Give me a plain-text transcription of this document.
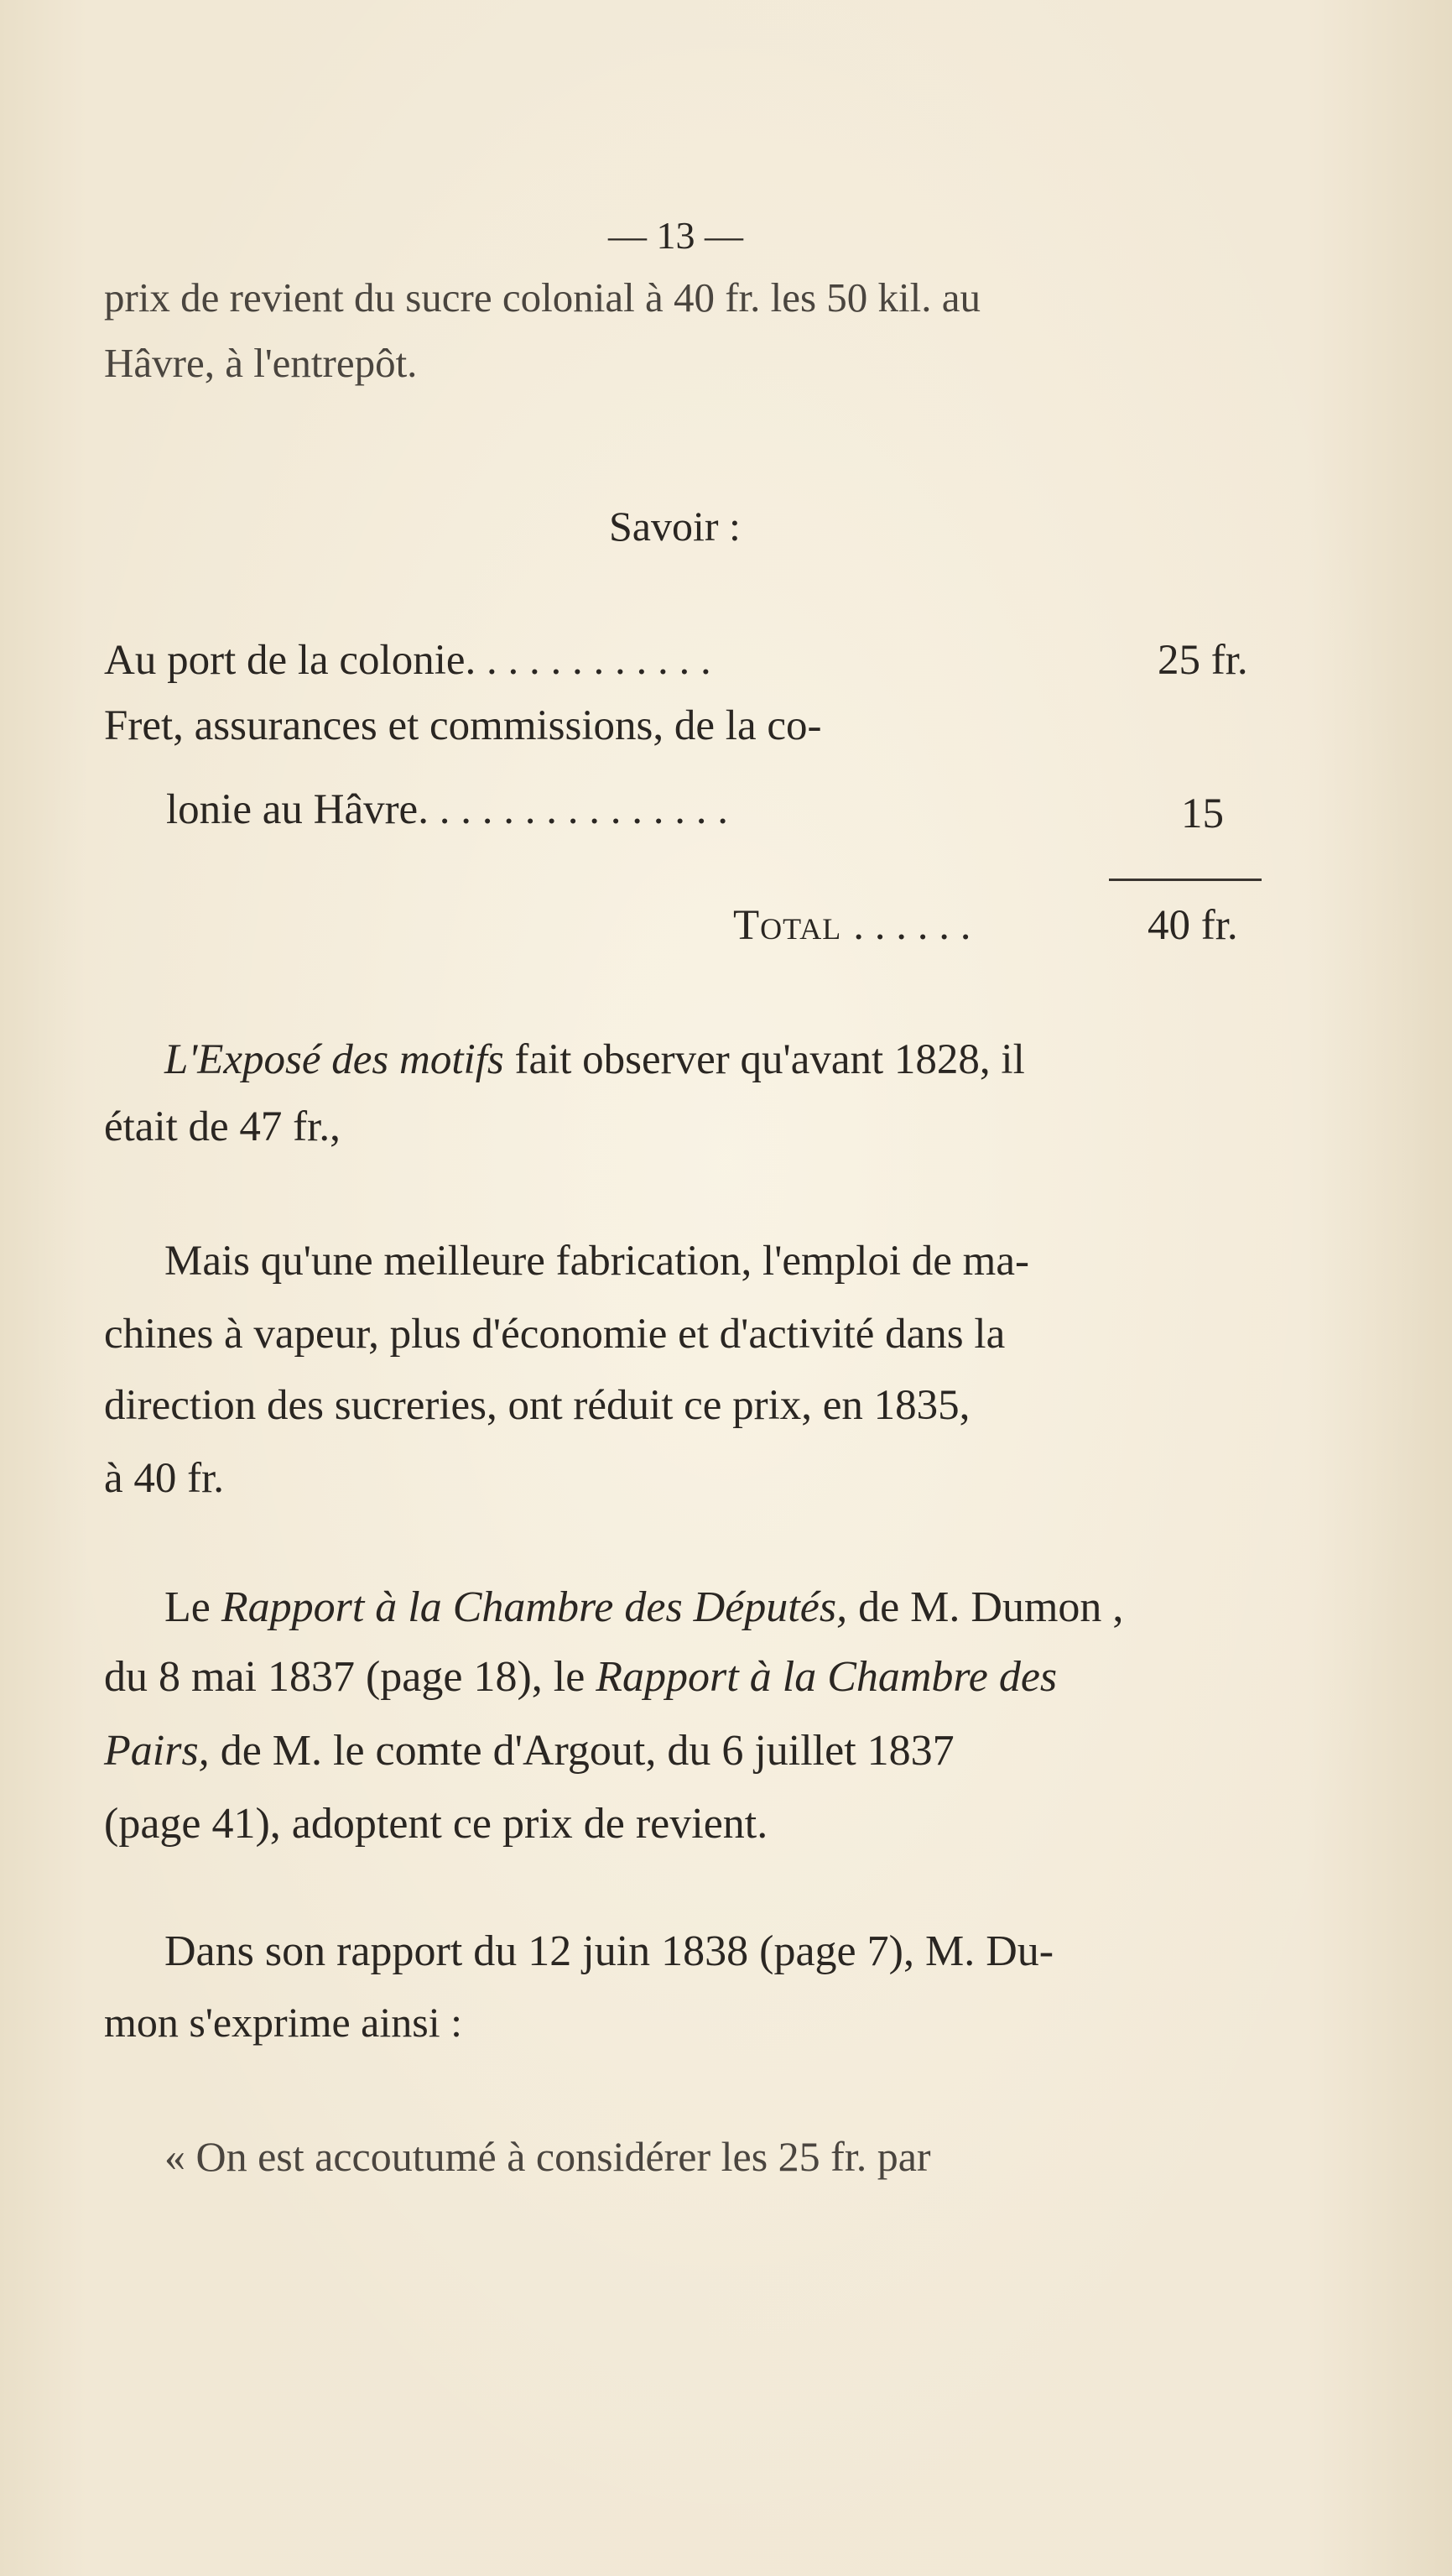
— 13 —
prix de revient du sucre colonial à 40 fr. les 50 kil. au
Hâvre, à l'entrepôt.
Savoir :
Au port de la colonie. . . . . . . . . . . .	25 fr.
Fret, assurances et commissions, de la co-
lonie au Hâvre. . . . . . . . . . . . . . .	15
Total . . . . . .	40 fr.
L'Exposé des motifs fait observer qu'avant 1828, il
était de 47 fr.,
Mais qu'une meilleure fabrication, l'emploi de ma-
chines à vapeur, plus d'économie et d'activité dans la
direction des sucreries, ont réduit ce prix, en 1835,
à 40 fr.
Le Rapport à la Chambre des Députés, de M. Dumon ,
du 8 mai 1837 (page 18), le Rapport à la Chambre des
Pairs, de M. le comte d'Argout, du 6 juillet 1837
(page 41), adoptent ce prix de revient.
Dans son rapport du 12 juin 1838 (page 7), M. Du-
mon s'exprime ainsi :
« On est accoutumé à considérer les 25 fr. par
